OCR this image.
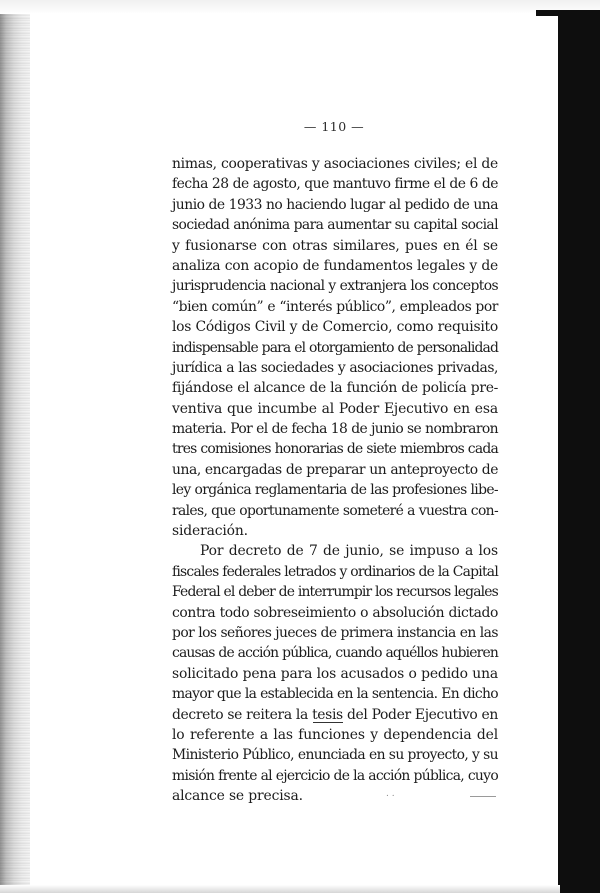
— 110 —
nimas, cooperativas y asociaciones civiles; el de
fecha 28 de agosto, que mantuvo firme el de 6 de
junio de 1933 no haciendo lugar al pedido de una
sociedad anónima para aumentar su capital social
y fusionarse con otras similares, pues en él se
analiza con acopio de fundamentos legales y de
jurisprudencia nacional y extranjera los conceptos
“bien común” e “interés público”, empleados por
los Códigos Civil y de Comercio, como requisito
indispensable para el otorgamiento de personalidad
jurídica a las sociedades y asociaciones privadas,
fijándose el alcance de la función de policía pre-
ventiva que incumbe al Poder Ejecutivo en esa
materia. Por el de fecha 18 de junio se nombraron
tres comisiones honorarias de siete miembros cada
una, encargadas de preparar un anteproyecto de
ley orgánica reglamentaria de las profesiones libe-
rales, que oportunamente someteré a vuestra con-
sideración.
Por decreto de 7 de junio, se impuso a los
fiscales federales letrados y ordinarios de la Capital
Federal el deber de interrumpir los recursos legales
contra todo sobreseimiento o absolución dictado
por los señores jueces de primera instancia en las
causas de acción pública, cuando aquéllos hubieren
solicitado pena para los acusados o pedido una
mayor que la establecida en la sentencia. En dicho
decreto se reitera la tesis del Poder Ejecutivo en
lo referente a las funciones y dependencia del
Ministerio Público, enunciada en su proyecto, y su
misión frente al ejercicio de la acción pública, cuyo
alcance se precisa.	. .
